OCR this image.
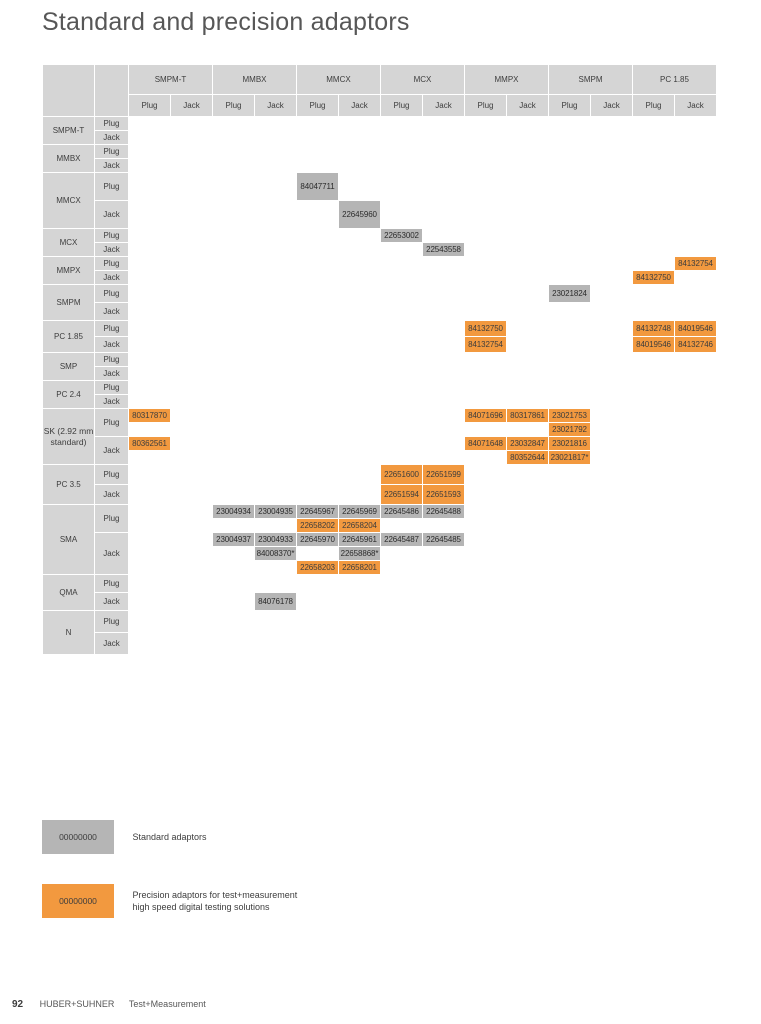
Standard and precision adaptors
		SMPM-T		MMBX		MMCX		MCX		MMPX		SMPM		PC 1.85	
		Plug	Jack	Plug	Jack	Plug	Jack	Plug	Jack	Plug	Jack	Plug	Jack	Plug	Jack
SMPM-T	Plug														
	Jack														
MMBX	Plug														
	Jack														
MMCX	Plug					84047711									
	Jack						22645960								
MCX	Plug							22653002							
	Jack								22543558						
MMPX	Plug														84132754
	Jack													84132750	
SMPM	Plug											23021824			
	Jack														
PC 1.85	Plug									84132750				84132748	84019546
	Jack									84132754				84019546	84132746
SMP	Plug														
	Jack														
PC 2.4	Plug														
	Jack														
SK (2.92 mm standard)	Plug	80317870								84071696	80317861	23021753			
												23021792			
	Jack	80362561								84071648	23032847	23021816			
											80352644	23021817*			
PC 3.5	Plug							22651600	22651599						
	Jack							22651594	22651593						
SMA	Plug			23004934	23004935	22645967	22645969	22645486	22645488						
						22658202	22658204								
	Jack			23004937	23004933	22645970	22645961	22645487	22645485						
					84008370*		22658868*								
						22658203	22658201								
QMA	Plug														
	Jack				84076178										
N	Plug														
	Jack														
00000000	Standard adaptors
00000000 Precision adaptors for test+measurement
high speed digital testing solutions
92 HUBER+SUHNER Test+Measurement
